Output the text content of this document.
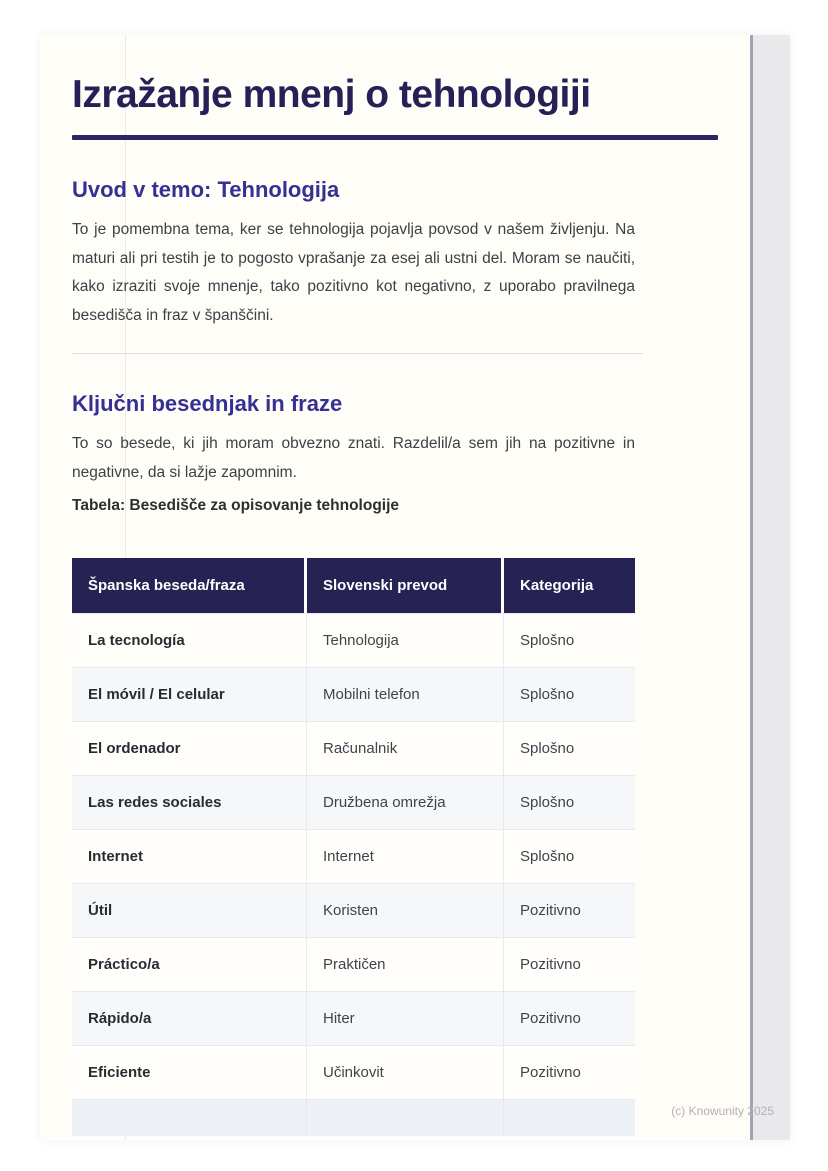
Izražanje mnenj o tehnologiji
Uvod v temo: Tehnologija

To je pomembna tema, ker se tehnologija pojavlja povsod v našem življenju. Na maturi ali pri testih je to pogosto vprašanje za esej ali ustni del. Moram se naučiti, kako izraziti svoje mnenje, tako pozitivno kot negativno, z uporabo pravilnega besedišča in fraz v španščini.

Ključni besednjak in fraze

To so besede, ki jih moram obvezno znati. Razdelil/a sem jih na pozitivne in negativne, da si lažje zapomnim.

Tabela: Besedišče za opisovanje tehnologije
Španska beseda/fraza	Slovenski prevod	Kategorija
La tecnología	Tehnologija	Splošno
El móvil / El celular	Mobilni telefon	Splošno
El ordenador	Računalnik	Splošno
Las redes sociales	Družbena omrežja	Splošno
Internet	Internet	Splošno
Útil	Koristen	Pozitivno
Práctico/a	Praktičen	Pozitivno
Rápido/a	Hiter	Pozitivno
Eficiente	Učinkovit	Pozitivno

(c) Knowunity 2025
